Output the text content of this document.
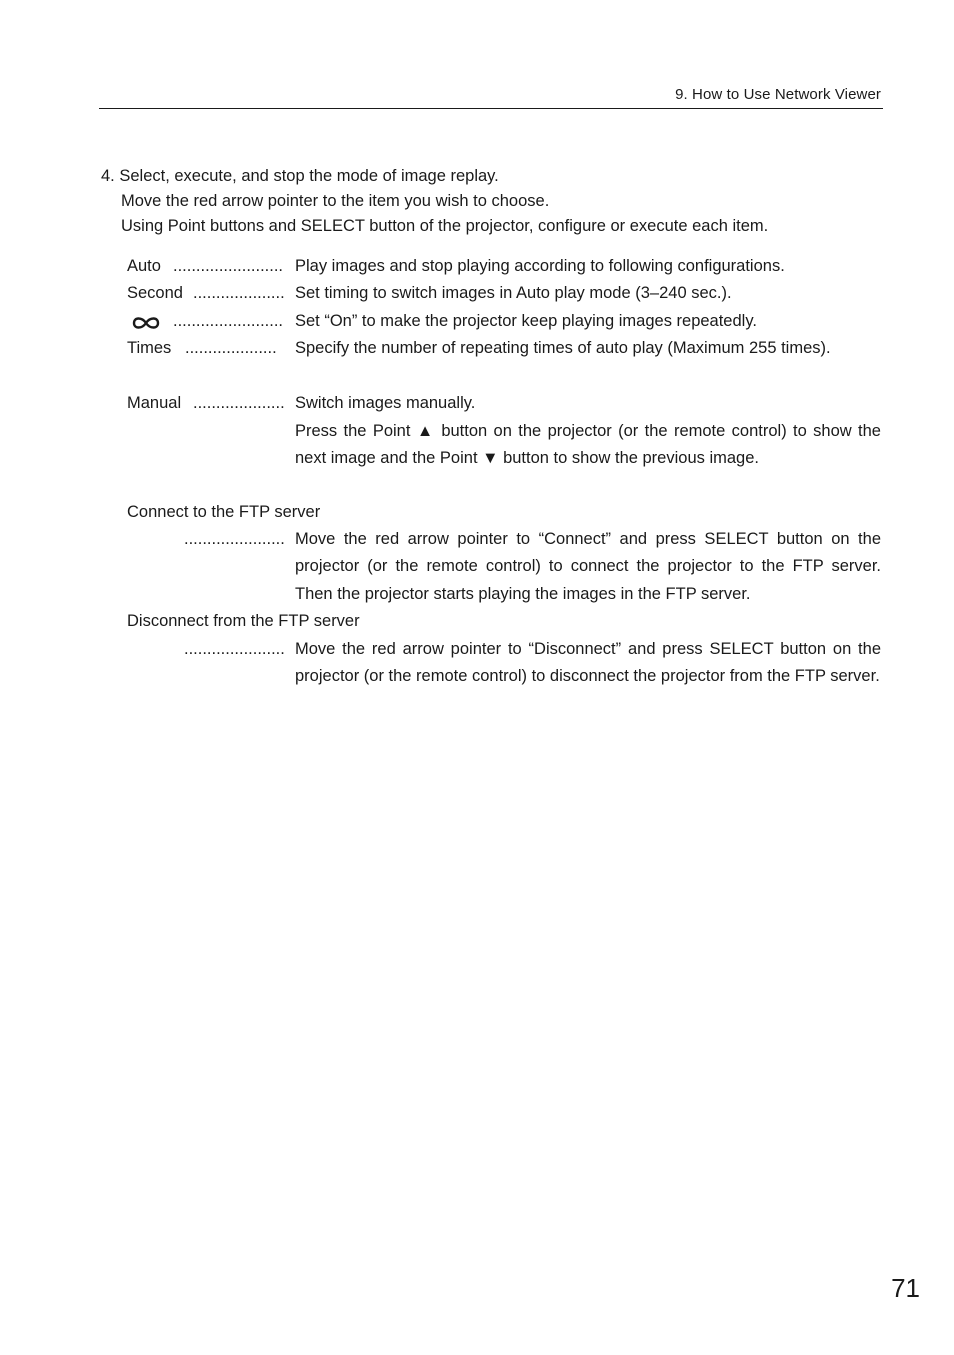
9. How to Use Network Viewer
4. Select, execute, and stop the mode of image replay.
Move the red arrow pointer to the item you wish to choose.
Using Point buttons and SELECT button of the projector, configure or execute each item.
Auto ........................ Play images and stop playing according to following configurations.
Second .................... Set timing to switch images in Auto play mode (3–240 sec.).
........................ Set “On” to make the projector keep playing images repeatedly.
Times .................... Specify the number of repeating times of auto play (Maximum 255 times).
Manual .................... Switch images manually.
Press the Point ▲ button on the projector (or the remote control) to show the next image and the Point ▼ button to show the previous image.
Connect to the FTP server
...................... Move the red arrow pointer to “Connect” and press SELECT button on the projector (or the remote control) to connect the projector to the FTP server. Then the projector starts playing the images in the FTP server.
Disconnect from the FTP server
...................... Move the red arrow pointer to “Disconnect” and press SELECT button on the projector (or the remote control) to disconnect the projector from the FTP server.
71
